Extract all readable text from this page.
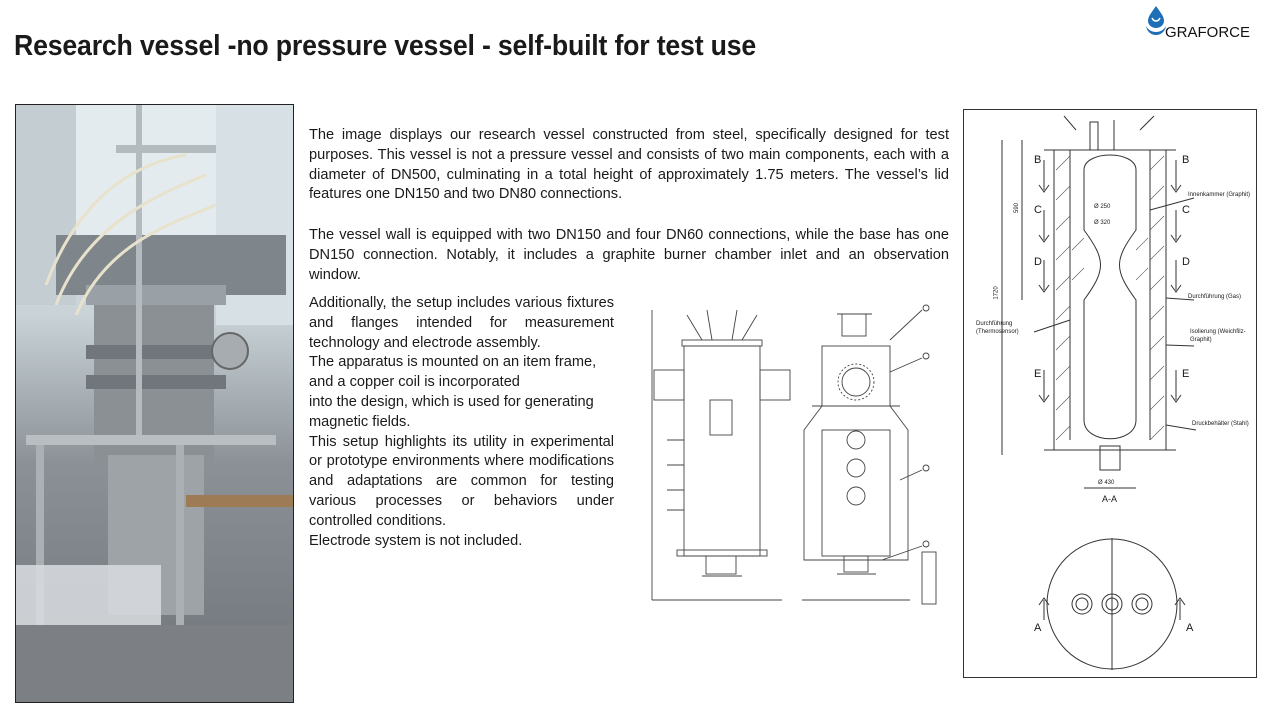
Research vessel -no pressure vessel - self-built for test use	GRAFORCE
The image displays our research vessel constructed from steel, specifically designed for test purposes. This vessel is not a pressure vessel and consists of two main components, each with a diameter of DN500, culminating in a total height of approximately 1.75 meters. The vessel’s lid features one DN150 and two DN80 connections.
The vessel wall is equipped with two DN150 and four DN60 connections, while the base has one DN150 connection. Notably, it includes a graphite burner chamber inlet and an observation window.
Additionally, the setup includes various fixtures and flanges intended for measurement technology and electrode assembly.
The apparatus is mounted on an item frame, and a copper coil is incorporated
into the design, which is used for generating magnetic fields.
This setup highlights its utility in experimental or prototype environments where modifications and adaptations are common for testing various processes or behaviors under controlled conditions.
Electrode system is not included.
B	B
C	C
D	D
E	E
Ø 250
Ø 320
Ø 430
A-A
590
1720
Innenkammer (Graphit)
Durchführung (Gas)
Durchführung (Thermosensor)	Isolierung (Weichfilz-Graphit)
Druckbehälter (Stahl)
A	A
